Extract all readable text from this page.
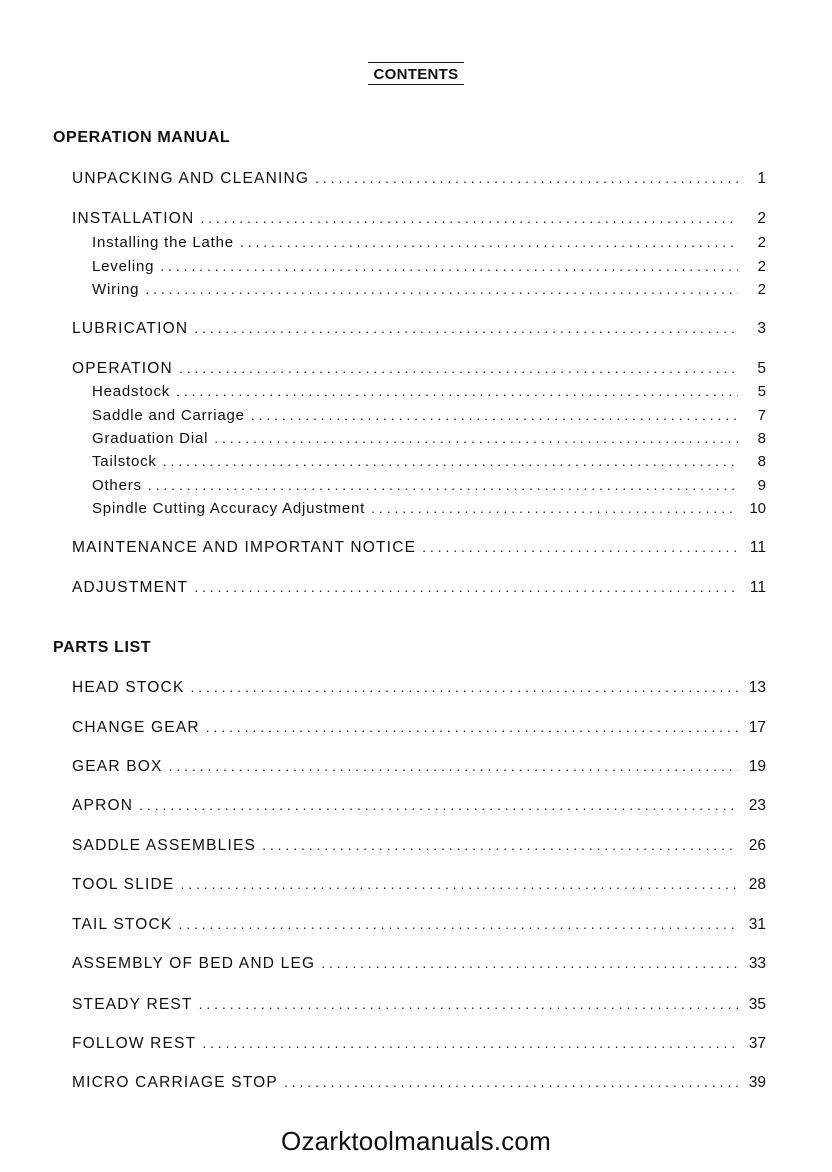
CONTENTS
OPERATION MANUAL
UNPACKING AND CLEANING . . .	1
INSTALLATION . . .	2
Installing the Lathe . . .	2
Leveling . . .	2
Wiring . . .	2
LUBRICATION . . .	3
OPERATION . . .	5
Headstock . . .	5
Saddle and Carriage . . .	7
Graduation Dial . . .	8
Tailstock . . .	8
Others . . .	9
Spindle Cutting Accuracy Adjustment . . .	10
MAINTENANCE AND IMPORTANT NOTICE . . .	11
ADJUSTMENT . . .	11
PARTS LIST
HEAD STOCK . . .	13
CHANGE GEAR . . .	17
GEAR BOX . . .	19
APRON . . .	23
SADDLE ASSEMBLIES . . .	26
TOOL SLIDE . . .	28
TAIL STOCK . . .	31
ASSEMBLY OF BED AND LEG . . .	33
STEADY REST . . .	35
FOLLOW REST . . .	37
MICRO CARRIAGE STOP . . .	39
Ozarktoolmanuals.com
